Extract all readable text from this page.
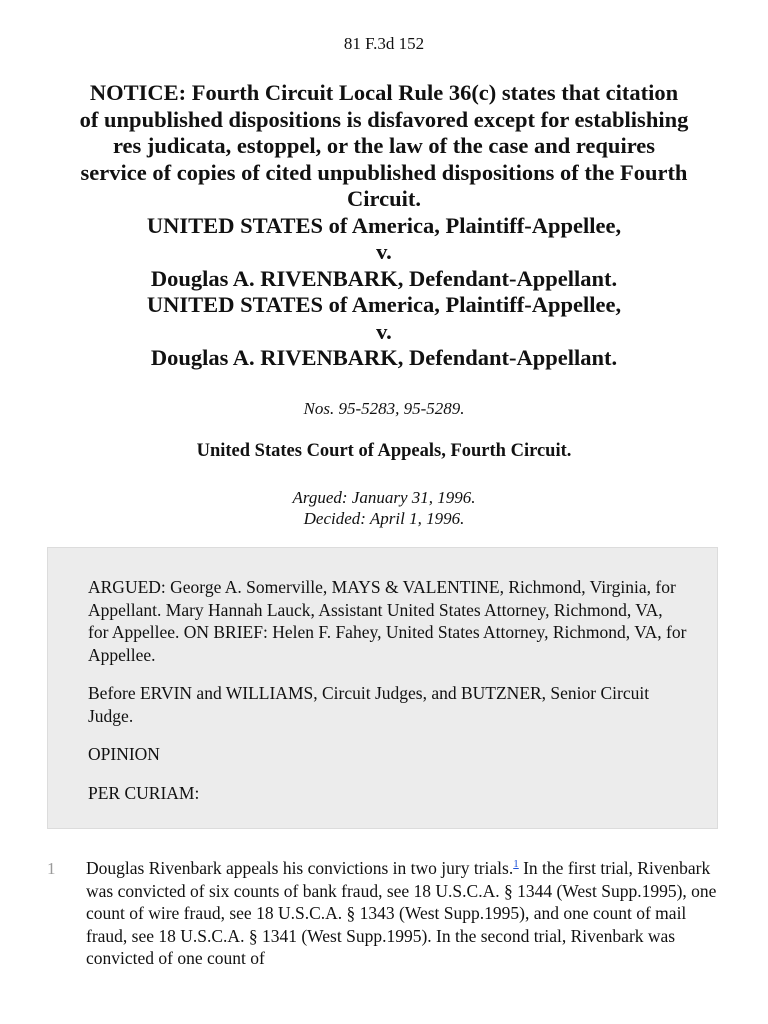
81 F.3d 152
NOTICE: Fourth Circuit Local Rule 36(c) states that citation
of unpublished dispositions is disfavored except for establishing
res judicata, estoppel, or the law of the case and requires
service of copies of cited unpublished dispositions of the Fourth
Circuit.
UNITED STATES of America, Plaintiff-Appellee,
v.
Douglas A. RIVENBARK, Defendant-Appellant.
UNITED STATES of America, Plaintiff-Appellee,
v.
Douglas A. RIVENBARK, Defendant-Appellant.
Nos. 95-5283, 95-5289.
United States Court of Appeals, Fourth Circuit.
Argued: January 31, 1996.
Decided: April 1, 1996.

ARGUED: George A. Somerville, MAYS & VALENTINE, Richmond, Virginia, for Appellant. Mary Hannah Lauck, Assistant United States Attorney, Richmond, VA, for Appellee. ON BRIEF: Helen F. Fahey, United States Attorney, Richmond, VA, for Appellee.

Before ERVIN and WILLIAMS, Circuit Judges, and BUTZNER, Senior Circuit Judge.

OPINION

PER CURIAM:

1 Douglas Rivenbark appeals his convictions in two jury trials.$^1$ In the first trial, Rivenbark was convicted of six counts of bank fraud, see 18 U.S.C.A. § 1344 (West Supp.1995), one count of wire fraud, see 18 U.S.C.A. § 1343 (West Supp.1995), and one count of mail fraud, see 18 U.S.C.A. § 1341 (West Supp.1995). In the second trial, Rivenbark was convicted of one count of
